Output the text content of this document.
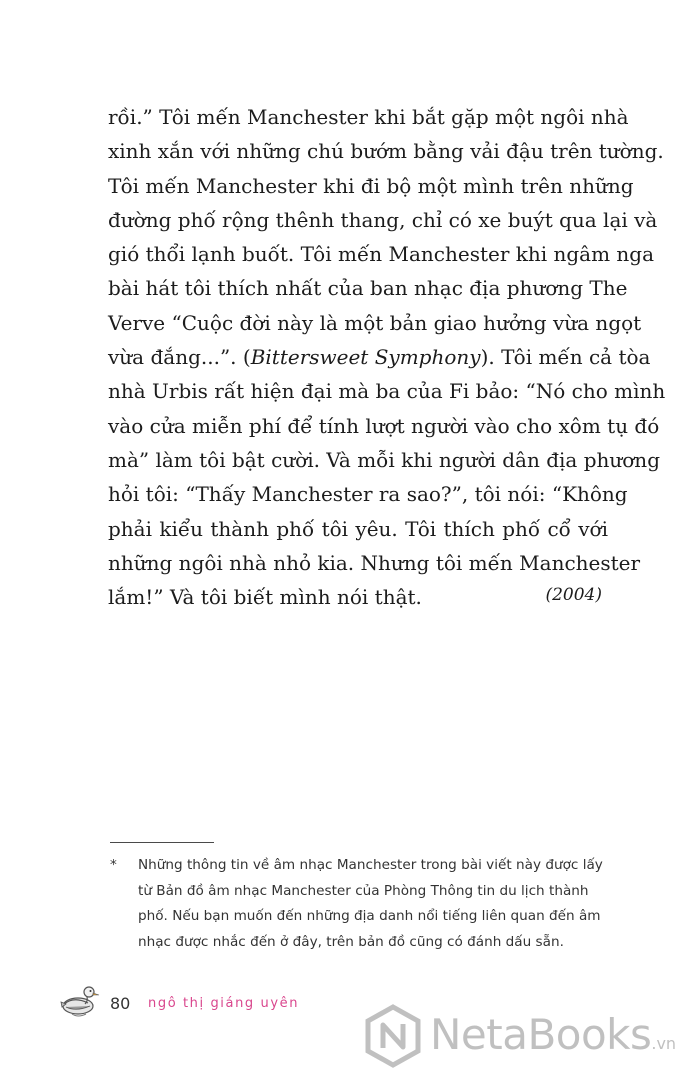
rồi.” Tôi mến Manchester khi bắt gặp một ngôi nhà
xinh xắn với những chú bướm bằng vải đậu trên tường.
Tôi mến Manchester khi đi bộ một mình trên những
đường phố rộng thênh thang, chỉ có xe buýt qua lại và
gió thổi lạnh buốt. Tôi mến Manchester khi ngâm nga
bài hát tôi thích nhất của ban nhạc địa phương The
Verve “Cuộc đời này là một bản giao hưởng vừa ngọt
vừa đắng...”. (Bittersweet Symphony). Tôi mến cả tòa
nhà Urbis rất hiện đại mà ba của Fi bảo: “Nó cho mình
vào cửa miễn phí để tính lượt người vào cho xôm tụ đó
mà” làm tôi bật cười. Và mỗi khi người dân địa phương
hỏi tôi: “Thấy Manchester ra sao?”, tôi nói: “Không
phải kiểu thành phố tôi yêu. Tôi thích phố cổ với
những ngôi nhà nhỏ kia. Nhưng tôi mến Manchester
lắm!” Và tôi biết mình nói thật.	(2004)
*	Những thông tin về âm nhạc Manchester trong bài viết này được lấy
từ Bản đồ âm nhạc Manchester của Phòng Thông tin du lịch thành
phố. Nếu bạn muốn đến những địa danh nổi tiếng liên quan đến âm
nhạc được nhắc đến ở đây, trên bản đồ cũng có đánh dấu sẵn.
80 ngô thị giáng uyên
NetaBooks.vn
